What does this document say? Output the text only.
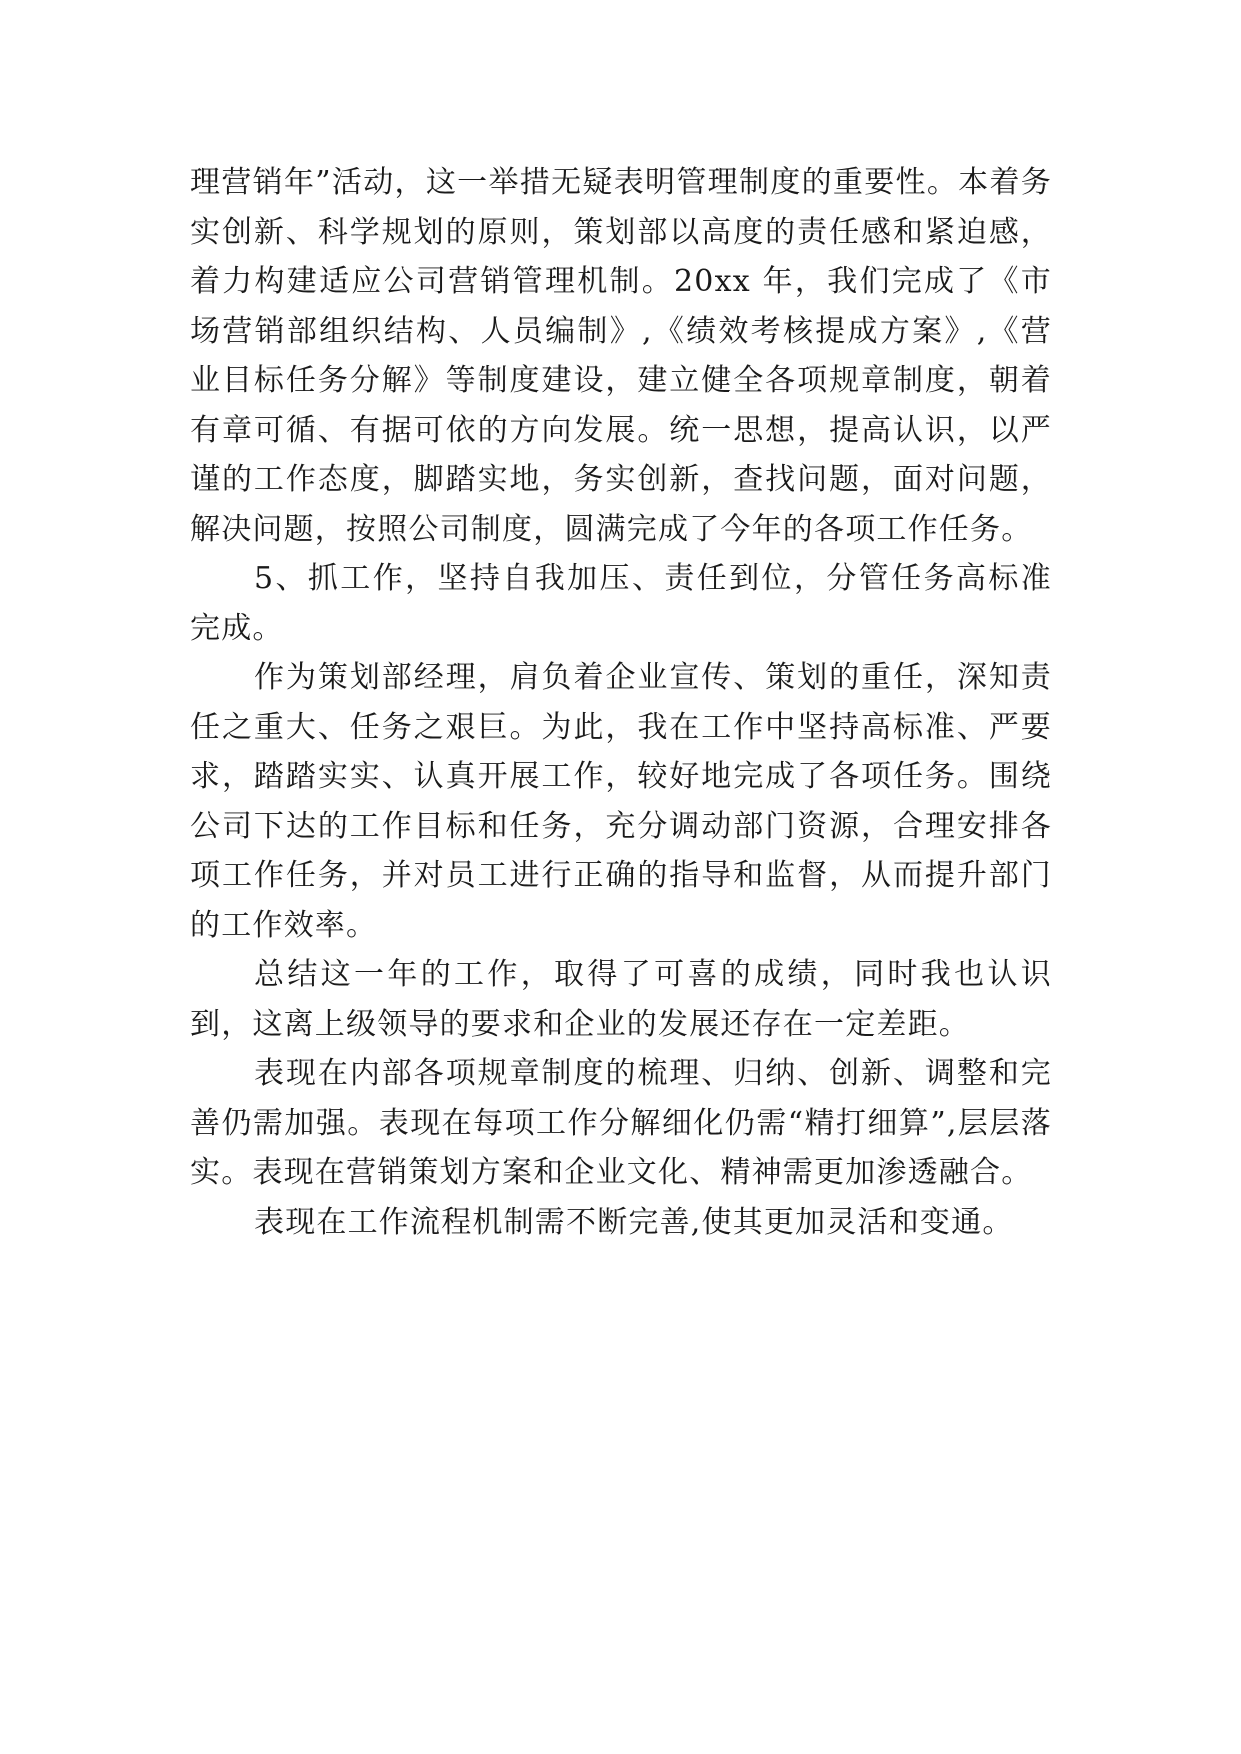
理营销年”活动，这一举措无疑表明管理制度的重要性。本着务实创新、科学规划的原则，策划部以高度的责任感和紧迫感，着力构建适应公司营销管理机制。20xx 年，我们完成了《市场营销部组织结构、人员编制》,《绩效考核提成方案》,《营业目标任务分解》等制度建设，建立健全各项规章制度，朝着有章可循、有据可依的方向发展。统一思想，提高认识，以严谨的工作态度，脚踏实地，务实创新，查找问题，面对问题，解决问题，按照公司制度，圆满完成了今年的各项工作任务。

5、抓工作，坚持自我加压、责任到位，分管任务高标准完成。

作为策划部经理，肩负着企业宣传、策划的重任，深知责任之重大、任务之艰巨。为此，我在工作中坚持高标准、严要求，踏踏实实、认真开展工作，较好地完成了各项任务。围绕公司下达的工作目标和任务，充分调动部门资源，合理安排各项工作任务，并对员工进行正确的指导和监督，从而提升部门的工作效率。

总结这一年的工作，取得了可喜的成绩，同时我也认识到，这离上级领导的要求和企业的发展还存在一定差距。

表现在内部各项规章制度的梳理、归纳、创新、调整和完善仍需加强。表现在每项工作分解细化仍需“精打细算”,层层落实。表现在营销策划方案和企业文化、精神需更加渗透融合。

表现在工作流程机制需不断完善,使其更加灵活和变通。
